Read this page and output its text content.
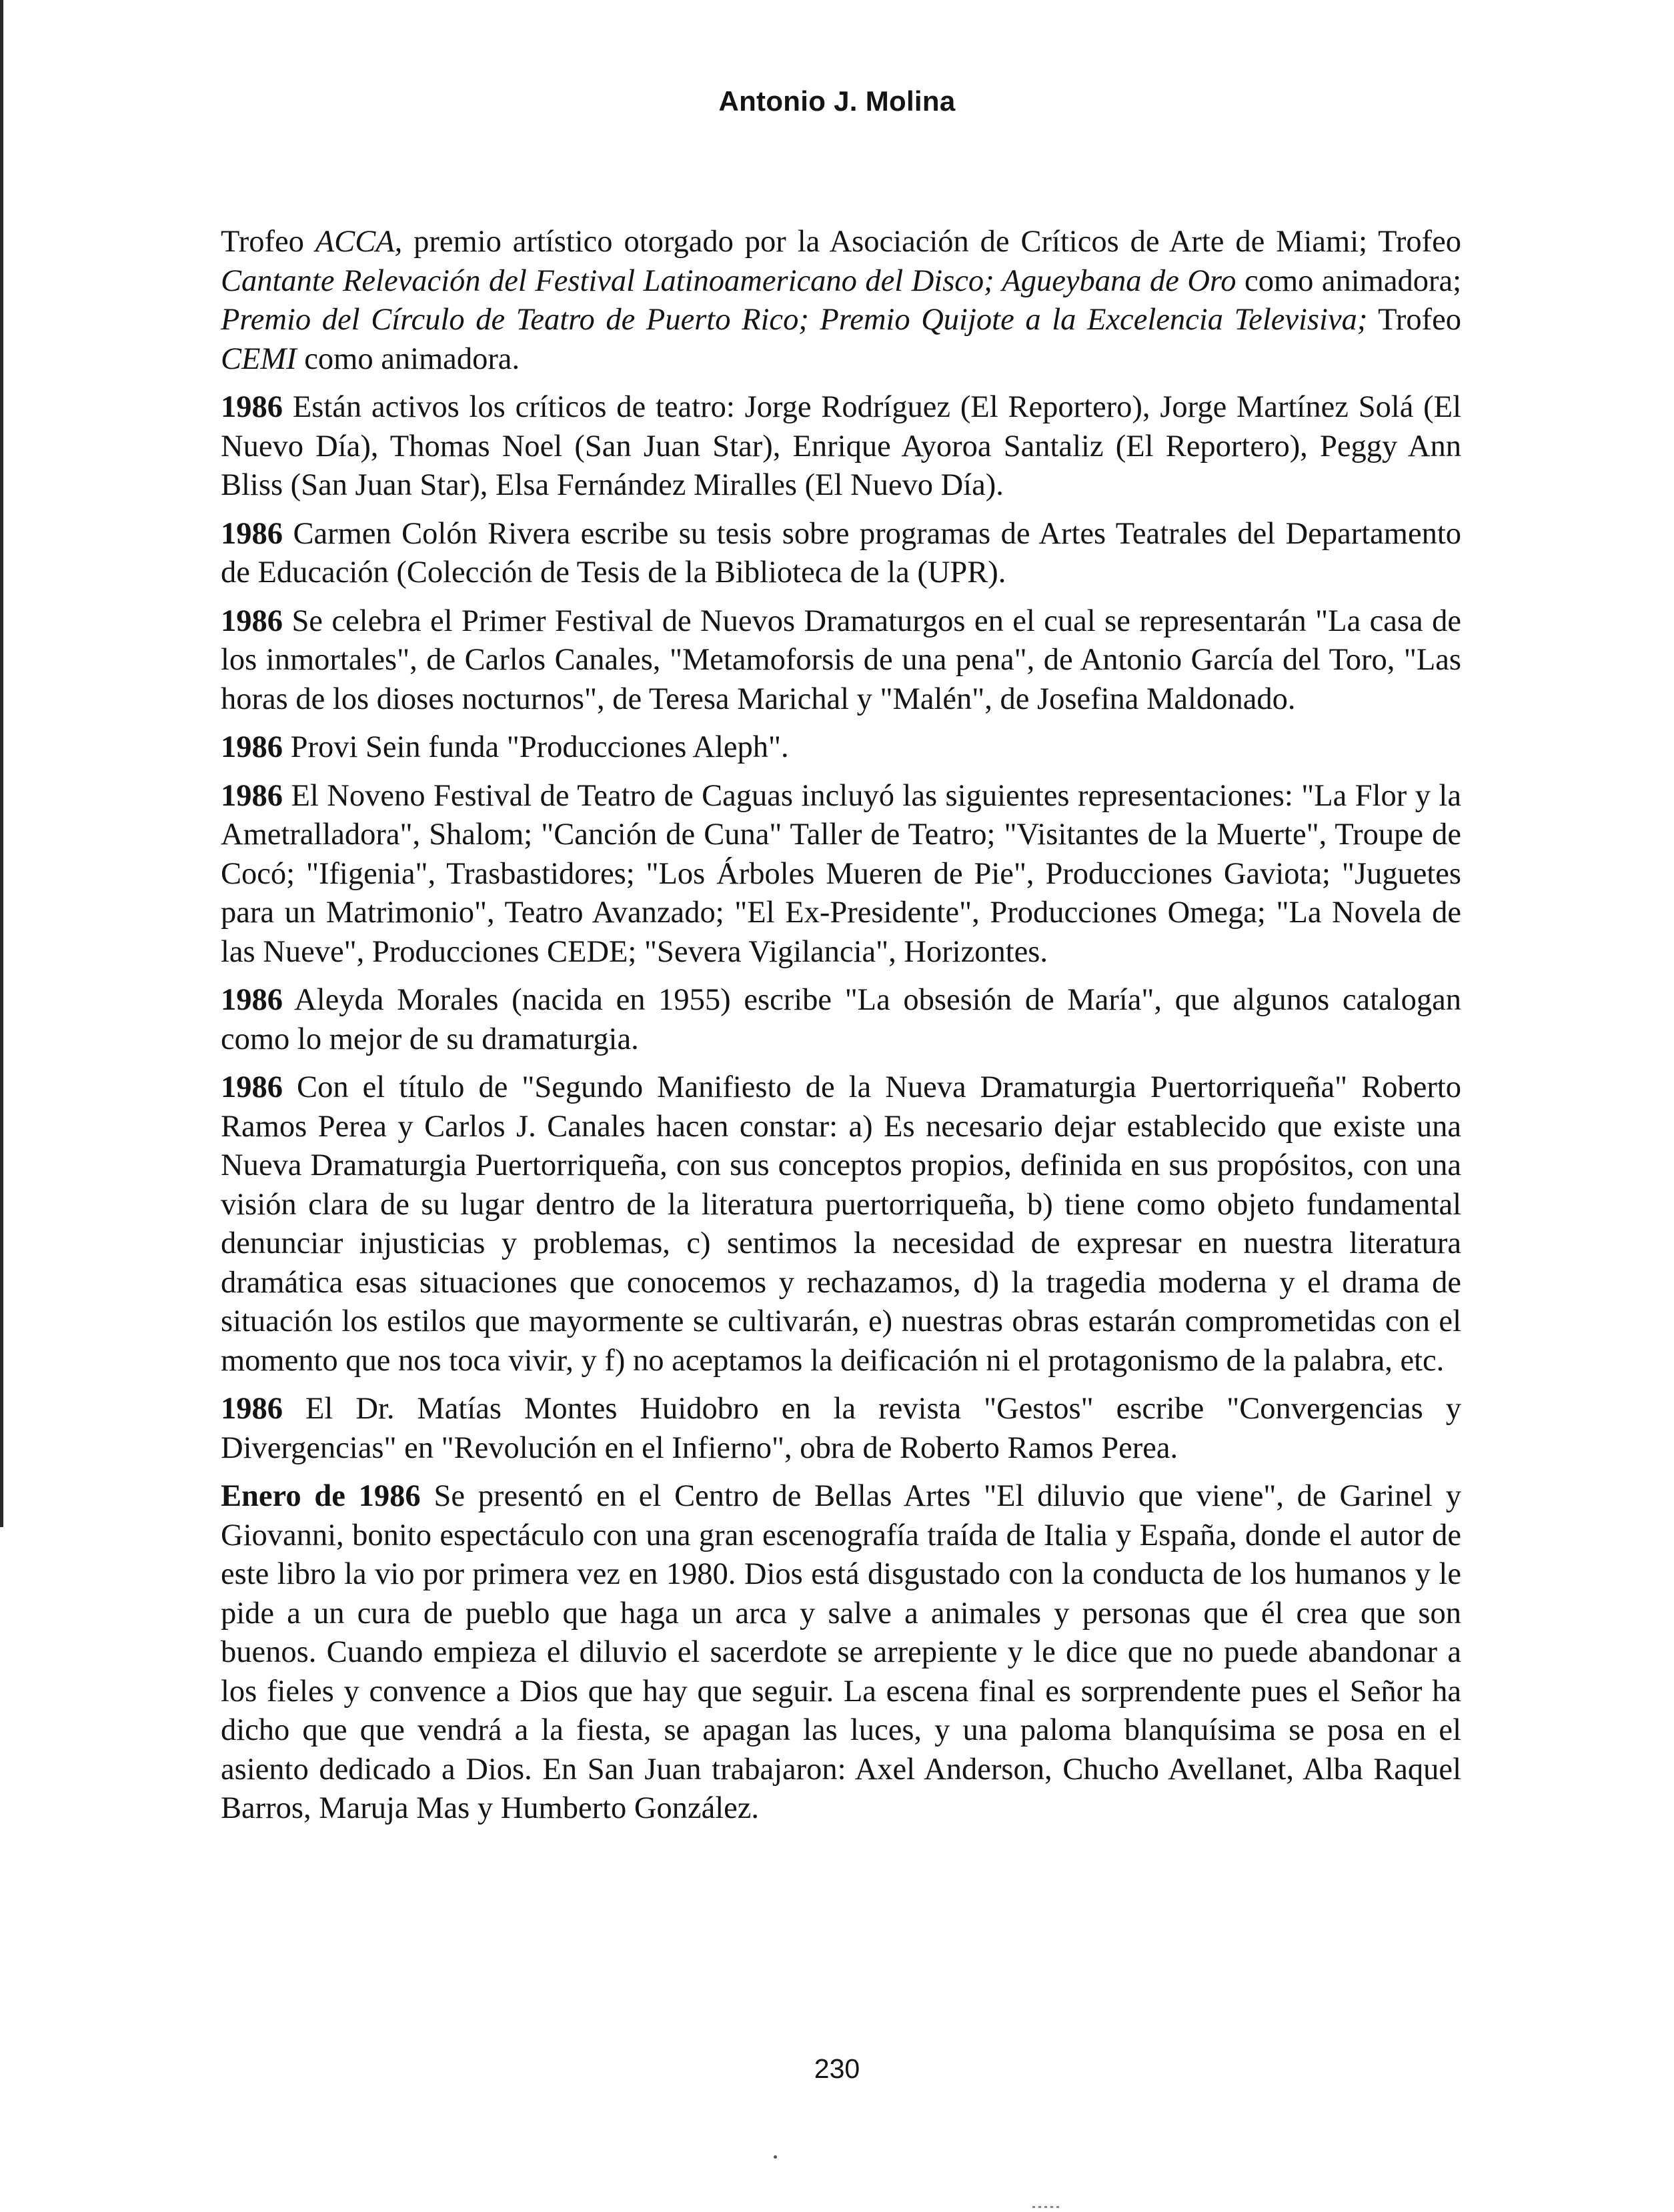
Antonio J. Molina

Trofeo ACCA, premio artístico otorgado por la Asociación de Críticos de Arte de Miami; Trofeo Cantante Relevación del Festival Latinoamericano del Disco; Agueybana de Oro como animadora; Premio del Círculo de Teatro de Puerto Rico; Premio Quijote a la Excelencia Televisiva; Trofeo CEMI como animadora.

1986 Están activos los críticos de teatro: Jorge Rodríguez (El Reportero), Jorge Martínez Solá (El Nuevo Día), Thomas Noel (San Juan Star), Enrique Ayoroa Santaliz (El Reportero), Peggy Ann Bliss (San Juan Star), Elsa Fernández Miralles (El Nuevo Día).

1986 Carmen Colón Rivera escribe su tesis sobre programas de Artes Teatrales del Departamento de Educación (Colección de Tesis de la Biblioteca de la (UPR).

1986 Se celebra el Primer Festival de Nuevos Dramaturgos en el cual se representarán "La casa de los inmortales", de Carlos Canales, "Metamoforsis de una pena", de Antonio García del Toro, "Las horas de los dioses nocturnos", de Teresa Marichal y "Malén", de Josefina Maldonado.

1986 Provi Sein funda "Producciones Aleph".

1986 El Noveno Festival de Teatro de Caguas incluyó las siguientes representaciones: "La Flor y la Ametralladora", Shalom; "Canción de Cuna" Taller de Teatro; "Visitantes de la Muerte", Troupe de Cocó; "Ifigenia", Trasbastidores; "Los Árboles Mueren de Pie", Producciones Gaviota; "Juguetes para un Matrimonio", Teatro Avanzado; "El Ex-Presidente", Producciones Omega; "La Novela de las Nueve", Producciones CEDE; "Severa Vigilancia", Horizontes.

1986 Aleyda Morales (nacida en 1955) escribe "La obsesión de María", que algunos catalogan como lo mejor de su dramaturgia.

1986 Con el título de "Segundo Manifiesto de la Nueva Dramaturgia Puertorriqueña" Roberto Ramos Perea y Carlos J. Canales hacen constar: a) Es necesario dejar establecido que existe una Nueva Dramaturgia Puertorriqueña, con sus conceptos propios, definida en sus propósitos, con una visión clara de su lugar dentro de la literatura puertorriqueña, b) tiene como objeto fundamental denunciar injusticias y problemas, c) sentimos la necesidad de expresar en nuestra literatura dramática esas situaciones que conocemos y rechazamos, d) la tragedia moderna y el drama de situación los estilos que mayormente se cultivarán, e) nuestras obras estarán comprometidas con el momento que nos toca vivir, y f) no aceptamos la deificación ni el protagonismo de la palabra, etc.

1986 El Dr. Matías Montes Huidobro en la revista "Gestos" escribe "Convergencias y Divergencias" en "Revolución en el Infierno", obra de Roberto Ramos Perea.

Enero de 1986 Se presentó en el Centro de Bellas Artes "El diluvio que viene", de Garinel y Giovanni, bonito espectáculo con una gran escenografía traída de Italia y España, donde el autor de este libro la vio por primera vez en 1980. Dios está disgustado con la conducta de los humanos y le pide a un cura de pueblo que haga un arca y salve a animales y personas que él crea que son buenos. Cuando empieza el diluvio el sacerdote se arrepiente y le dice que no puede abandonar a los fieles y convence a Dios que hay que seguir. La escena final es sorprendente pues el Señor ha dicho que que vendrá a la fiesta, se apagan las luces, y una paloma blanquísima se posa en el asiento dedicado a Dios. En San Juan trabajaron: Axel Anderson, Chucho Avellanet, Alba Raquel Barros, Maruja Mas y Humberto González.

230
